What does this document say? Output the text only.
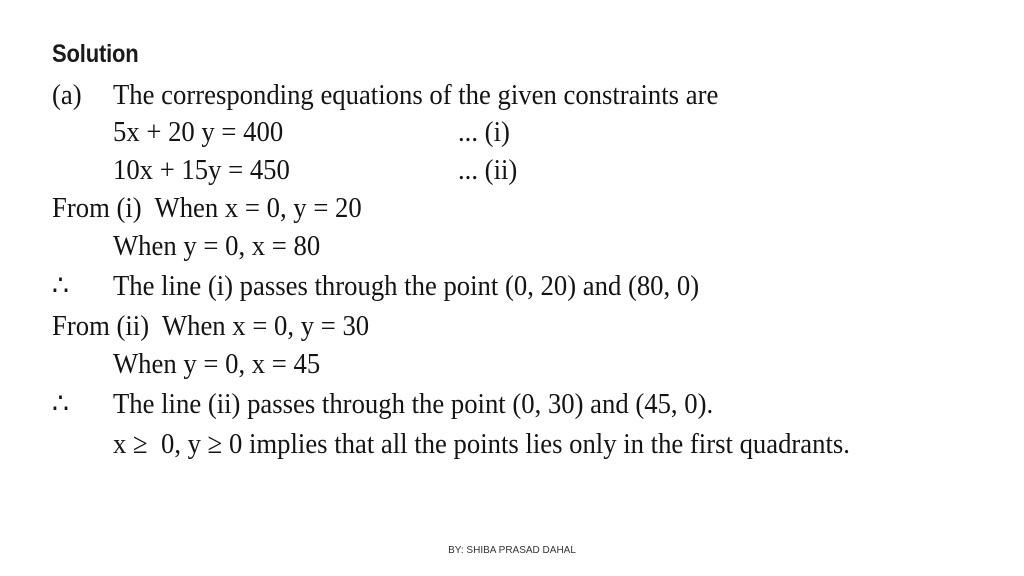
Solution
(a) The corresponding equations of the given constraints are
5x + 20 y = 400	... (i)
10x + 15y = 450	... (ii)
From (i)  When x = 0, y = 20
When y = 0, x = 80
∴ The line (i) passes through the point (0, 20) and (80, 0)
From (ii)  When x = 0, y = 30
When y = 0, x = 45
∴ The line (ii) passes through the point (0, 30) and (45, 0).
x ≥  0, y ≥ 0 implies that all the points lies only in the first quadrants.
BY: SHIBA PRASAD DAHAL
